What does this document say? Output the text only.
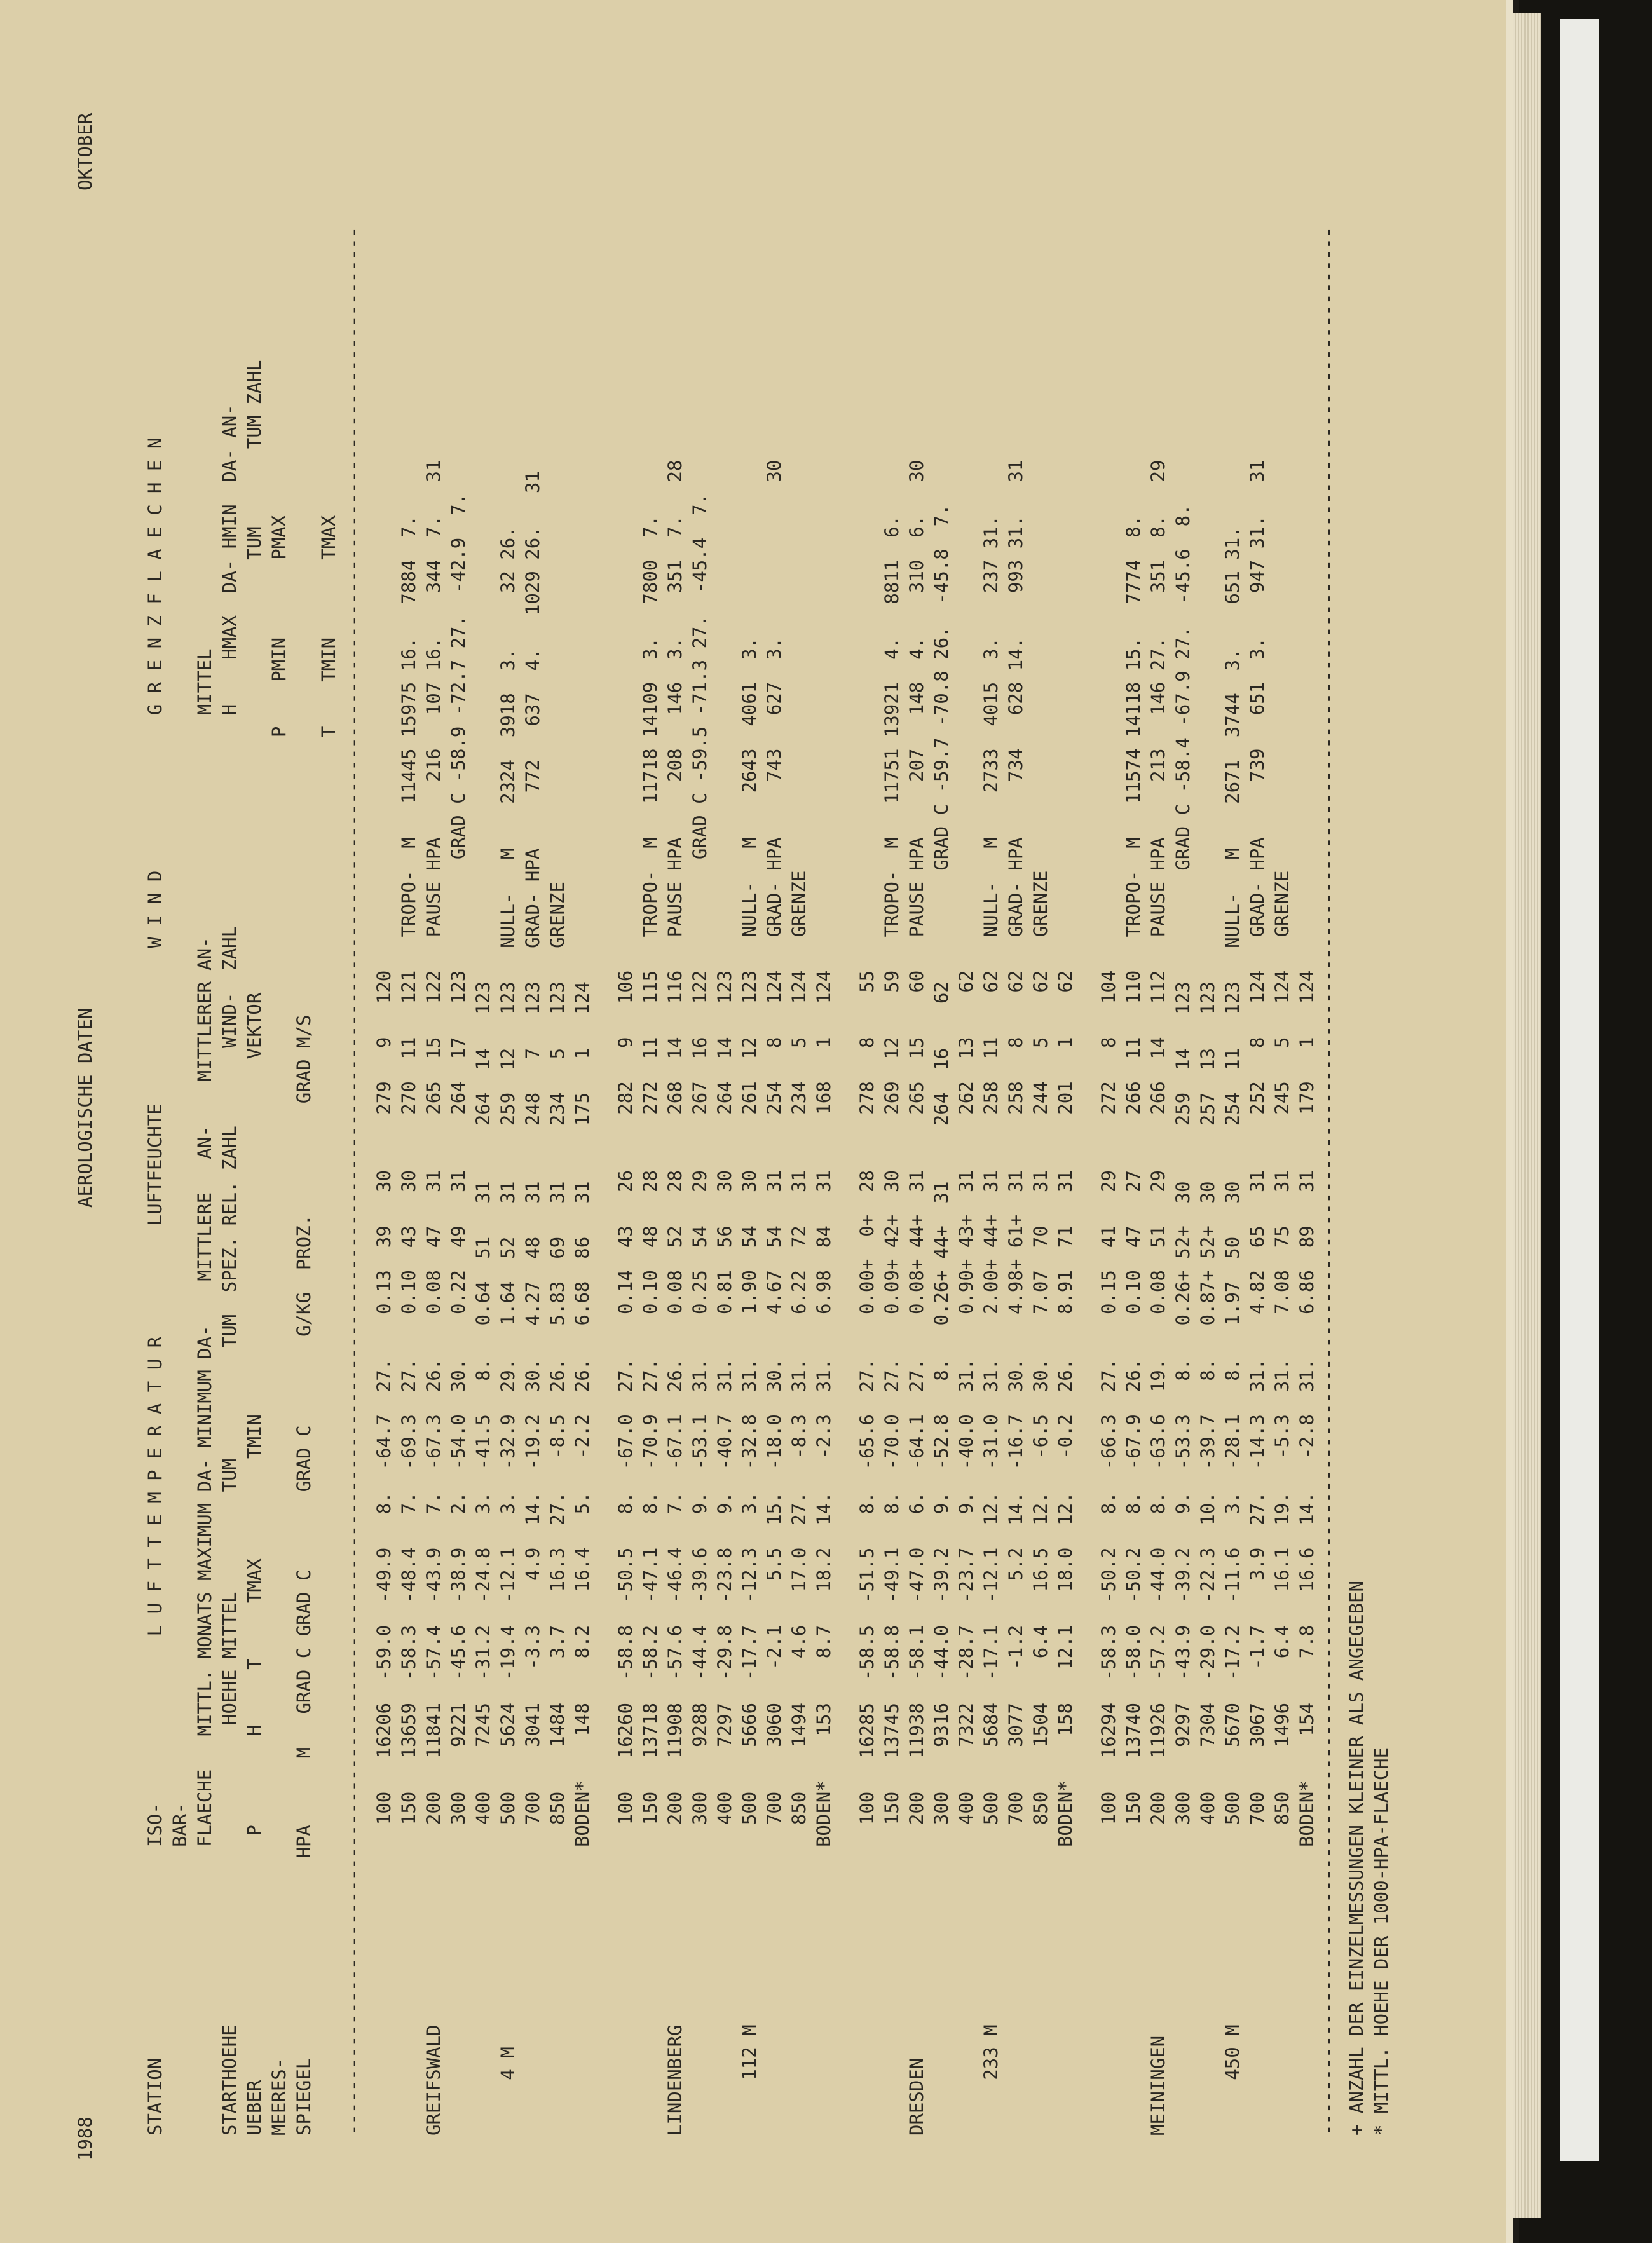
1988
AEROLOGISCHE DATEN
OKTOBER
STATION                   ISO-               L U F T T E M P E R A T U R          LUFTFEUCHTE              W I N D              G R E N Z F L A E C H E N BAR- FLAECHE   MITTL. MONATS MAXIMUM DA- MINIMUM DA-    MITTLERE   AN-    MITTLERER AN-                    MITTEL STARTHOEHE                           HOEHE MITTEL         TUM          TUM  SPEZ. REL. ZAHL       WIND-  ZAHL                   H    HMAX  DA- HMIN  DA- AN- UEBER                      P        H     T     TMAX         TMIN                                VEKTOR                                       TUM       TUM ZAHL MEERES-                                                                                                                       P    PMIN       PMAX SPIEGEL                  HPA      M   GRAD C GRAD C       GRAD C        G/KG  PROZ.          GRAD M/S T    TMIN       TMAX ---------------------------------------------------------------------------------------------------------------------------------------------------------------------------- 100   16206  -59.0  -49.9   8.  -64.7  27.    0.13  39   30     279   9   120 150   13659  -58.3  -48.4   7.  -69.3  27.    0.10  43   30     270  11   121   TROPO-  M   11445 15975 16.   7884  7. GREIFSWALD                  200   11841  -57.4  -43.9   7.  -67.3  26.    0.08  47   31     265  15   122   PAUSE HPA     216   107 16.    344  7.   31 300    9221  -45.6  -38.9   2.  -54.0  30.    0.22  49   31     264  17   123          GRAD C -58.9 -72.7 27.  -42.9  7. 400    7245  -31.2  -24.8   3.  -41.5   8.   0.64  51   31     264  14   123 4 M                    500    5624  -19.4  -12.1   3.  -32.9  29.   1.64  52   31     259  12   123   NULL-   M    2324  3918  3.     32 26. 700    3041   -3.3    4.9  14.  -19.2  30.   4.27  48   31     248   7   123   GRAD- HPA     772   637  4.   1029 26.   31 850    1484    3.7   16.3  27.   -8.5  26.   5.83  69   31     234   5   123   GRENZE BODEN*    148    8.2   16.4   5.   -2.2  26.   6.68  86   31     175   1   124 100   16260  -58.8  -50.5   8.  -67.0  27.    0.14  43   26     282   9   106 150   13718  -58.2  -47.1   8.  -70.9  27.    0.10  48   28     272  11   115   TROPO-  M   11718 14109  3.   7800  7. LINDENBERG                  200   11908  -57.6  -46.4   7.  -67.1  26.    0.08  52   28     268  14   116   PAUSE HPA     208   146  3.    351  7.   28 300    9288  -44.4  -39.6   9.  -53.1  31.    0.25  54   29     267  16   122          GRAD C -59.5 -71.3 27.  -45.4  7. 400    7297  -29.8  -23.8   9.  -40.7  31.    0.81  56   30     264  14   123 112 M                  500    5666  -17.7  -12.3   3.  -32.8  31.    1.90  54   30     261  12   123   NULL-   M    2643  4061  3. 700    3060   -2.1    5.5  15.  -18.0  30.    4.67  54   31     254   8   124   GRAD- HPA     743   627  3.              30 850    1494    4.6   17.0  27.   -8.3  31.    6.22  72   31     234   5   124   GRENZE BODEN*    153    8.7   18.2  14.   -2.3  31.    6.98  84   31     168   1   124 100   16285  -58.5  -51.5   8.  -65.6  27.    0.00+  0+  28     278   8    55 150   13745  -58.8  -49.1   8.  -70.0  27.    0.09+ 42+  30     269  12    59   TROPO-  M   11751 13921  4.   8811  6. DRESDEN                     200   11938  -58.1  -47.0   6.  -64.1  27.    0.08+ 44+  31     265  15    60   PAUSE HPA     207   148  4.    310  6.   30 300    9316  -44.0  -39.2   9.  -52.8   8.   0.26+ 44+  31     264  16    62          GRAD C -59.7 -70.8 26.  -45.8  7. 400    7322  -28.7  -23.7   9.  -40.0  31.    0.90+ 43+  31     262  13    62 233 M                  500    5684  -17.1  -12.1  12.  -31.0  31.    2.00+ 44+  31     258  11    62   NULL-   M    2733  4015  3.    237 31. 700    3077   -1.2    5.2  14.  -16.7  30.    4.98+ 61+  31     258   8    62   GRAD- HPA     734   628 14.    993 31.   31 850    1504    6.4   16.5  12.   -6.5  30.    7.07  70   31     244   5    62   GRENZE BODEN*    158   12.1   18.0  12.   -0.2  26.    8.91  71   31     201   1    62 100   16294  -58.3  -50.2   8.  -66.3  27.    0.15  41   29     272   8   104 150   13740  -58.0  -50.2   8.  -67.9  26.    0.10  47   27     266  11   110   TROPO-  M   11574 14118 15.   7774  8. MEININGEN                   200   11926  -57.2  -44.0   8.  -63.6  19.    0.08  51   29     266  14   112   PAUSE HPA     213   146 27.    351  8.   29 300    9297  -43.9  -39.2   9.  -53.3   8.   0.26+ 52+  30     259  14   123          GRAD C -58.4 -67.9 27.  -45.6  8. 400    7304  -29.0  -22.3  10.  -39.7   8.   0.87+ 52+  30     257  13   123 450 M                  500    5670  -17.2  -11.6   3.  -28.1   8.   1.97  50   30     254  11   123   NULL-   M    2671  3744  3.    651 31. 700    3067   -1.7    3.9  27.  -14.3  31.    4.82  65   31     252   8   124   GRAD- HPA     739   651  3.    947 31.   31 850    1496    6.4   16.1  19.   -5.3  31.    7.08  75   31     245   5   124   GRENZE BODEN*    154    7.8   16.6  14.   -2.8  31.    6.86  89   31     179   1   124 ----------------------------------------------------------------------------------------------------------------------------------------------------------------------------

+ ANZAHL DER EINZELMESSUNGEN KLEINER ALS ANGEGEBEN

* MITTL. HOEHE DER 1000-HPA-FLAECHE
